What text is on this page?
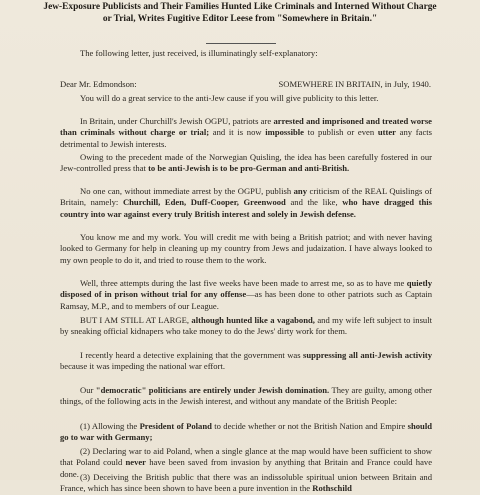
Jew-Exposure Publicists and Their Families Hunted Like Criminals and Interned Without Charge or Trial, Writes Fugitive Editor Leese from "Somewhere in Britain."

The following letter, just received, is illuminatingly self-explanatory:

Dear Mr. Edmondson:	SOMEWHERE IN BRITAIN, in July, 1940.

You will do a great service to the anti-Jew cause if you will give publicity to this letter.

In Britain, under Churchill's Jewish OGPU, patriots are arrested and imprisoned and treated worse than criminals without charge or trial; and it is now impossible to publish or even utter any facts detrimental to Jewish interests.

Owing to the precedent made of the Norwegian Quisling, the idea has been carefully fostered in our Jew-controlled press that to be anti-Jewish is to be pro-German and anti-British.

No one can, without immediate arrest by the OGPU, publish any criticism of the REAL Quislings of Britain, namely: Churchill, Eden, Duff-Cooper, Greenwood and the like, who have dragged this country into war against every truly British interest and solely in Jewish defense.

You know me and my work. You will credit me with being a British patriot; and with never having looked to Germany for help in cleaning up my country from Jews and judaization. I have always looked to my own people to do it, and tried to rouse them to the work.

Well, three attempts during the last five weeks have been made to arrest me, so as to have me quietly disposed of in prison without trial for any offense—as has been done to other patriots such as Captain Ramsay, M.P., and to members of our League.

BUT I AM STILL AT LARGE, although hunted like a vagabond, and my wife left subject to insult by sneaking official kidnapers who take money to do the Jews' dirty work for them.

I recently heard a detective explaining that the government was suppressing all anti-Jewish activity because it was impeding the national war effort.

Our "democratic" politicians are entirely under Jewish domination. They are guilty, among other things, of the following acts in the Jewish interest, and without any mandate of the British People:

(1) Allowing the President of Poland to decide whether or not the British Nation and Empire should go to war with Germany;

(2) Declaring war to aid Poland, when a single glance at the map would have been sufficient to show that Poland could never have been saved from invasion by anything that Britain and France could have done. (3) Deceiving the British public that there was an indissoluble spiritual union between Britain and France, which has since been shown to have been a pure invention in the Rothschild
